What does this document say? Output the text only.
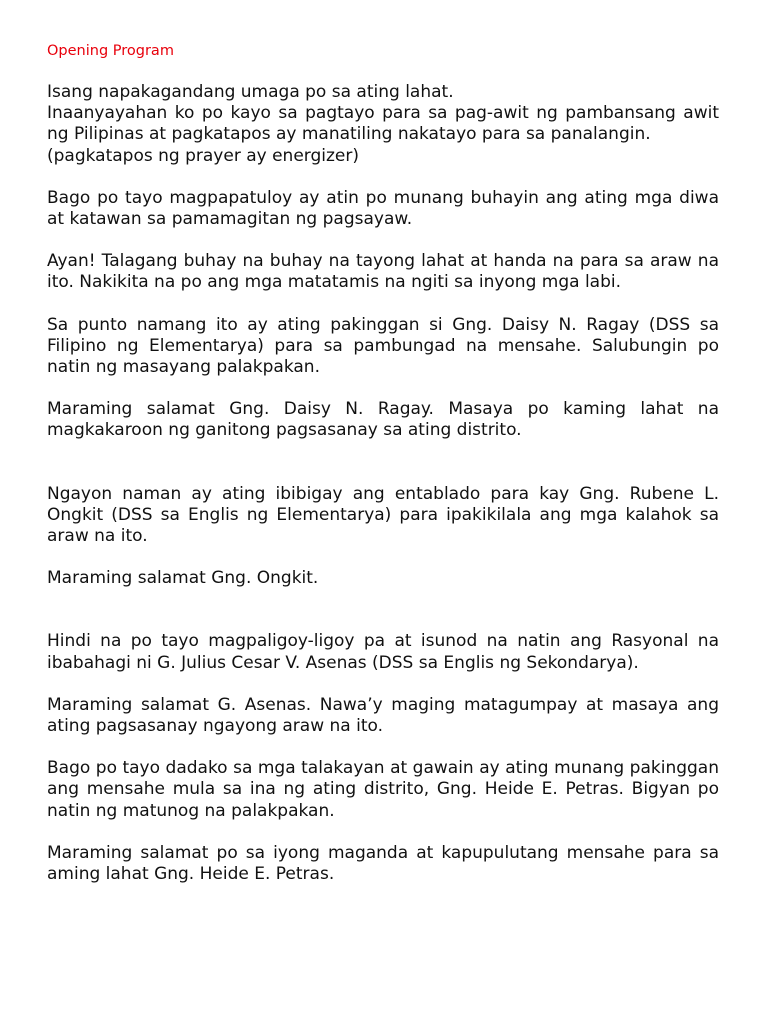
Opening Program
Isang napakagandang umaga po sa ating lahat.
Inaanyayahan ko po kayo sa pagtayo para sa pag-awit ng pambansang awit ng Pilipinas at pagkatapos ay manatiling nakatayo para sa panalangin.
(pagkatapos ng prayer ay energizer)
Bago po tayo magpapatuloy ay atin po munang buhayin ang ating mga diwa at katawan sa pamamagitan ng pagsayaw.
Ayan! Talagang buhay na buhay na tayong lahat at handa na para sa araw na ito. Nakikita na po ang mga matatamis na ngiti sa inyong mga labi.
Sa punto namang ito ay ating pakinggan si Gng. Daisy N. Ragay (DSS sa Filipino ng Elementarya) para sa pambungad na mensahe. Salubungin po natin ng masayang palakpakan.
Maraming salamat Gng. Daisy N. Ragay. Masaya po kaming lahat na magkakaroon ng ganitong pagsasanay sa ating distrito.
Ngayon naman ay ating ibibigay ang entablado para kay Gng. Rubene L. Ongkit (DSS sa Englis ng Elementarya) para ipakikilala ang mga kalahok sa araw na ito.
Maraming salamat Gng. Ongkit.
Hindi na po tayo magpaligoy-ligoy pa at isunod na natin ang Rasyonal na ibabahagi ni G. Julius Cesar V. Asenas (DSS sa Englis ng Sekondarya).
Maraming salamat G. Asenas. Nawa’y maging matagumpay at masaya ang ating pagsasanay ngayong araw na ito.
Bago po tayo dadako sa mga talakayan at gawain ay ating munang pakinggan ang mensahe mula sa ina ng ating distrito, Gng. Heide E. Petras. Bigyan po natin ng matunog na palakpakan.
Maraming salamat po sa iyong maganda at kapupulutang mensahe para sa aming lahat Gng. Heide E. Petras.
